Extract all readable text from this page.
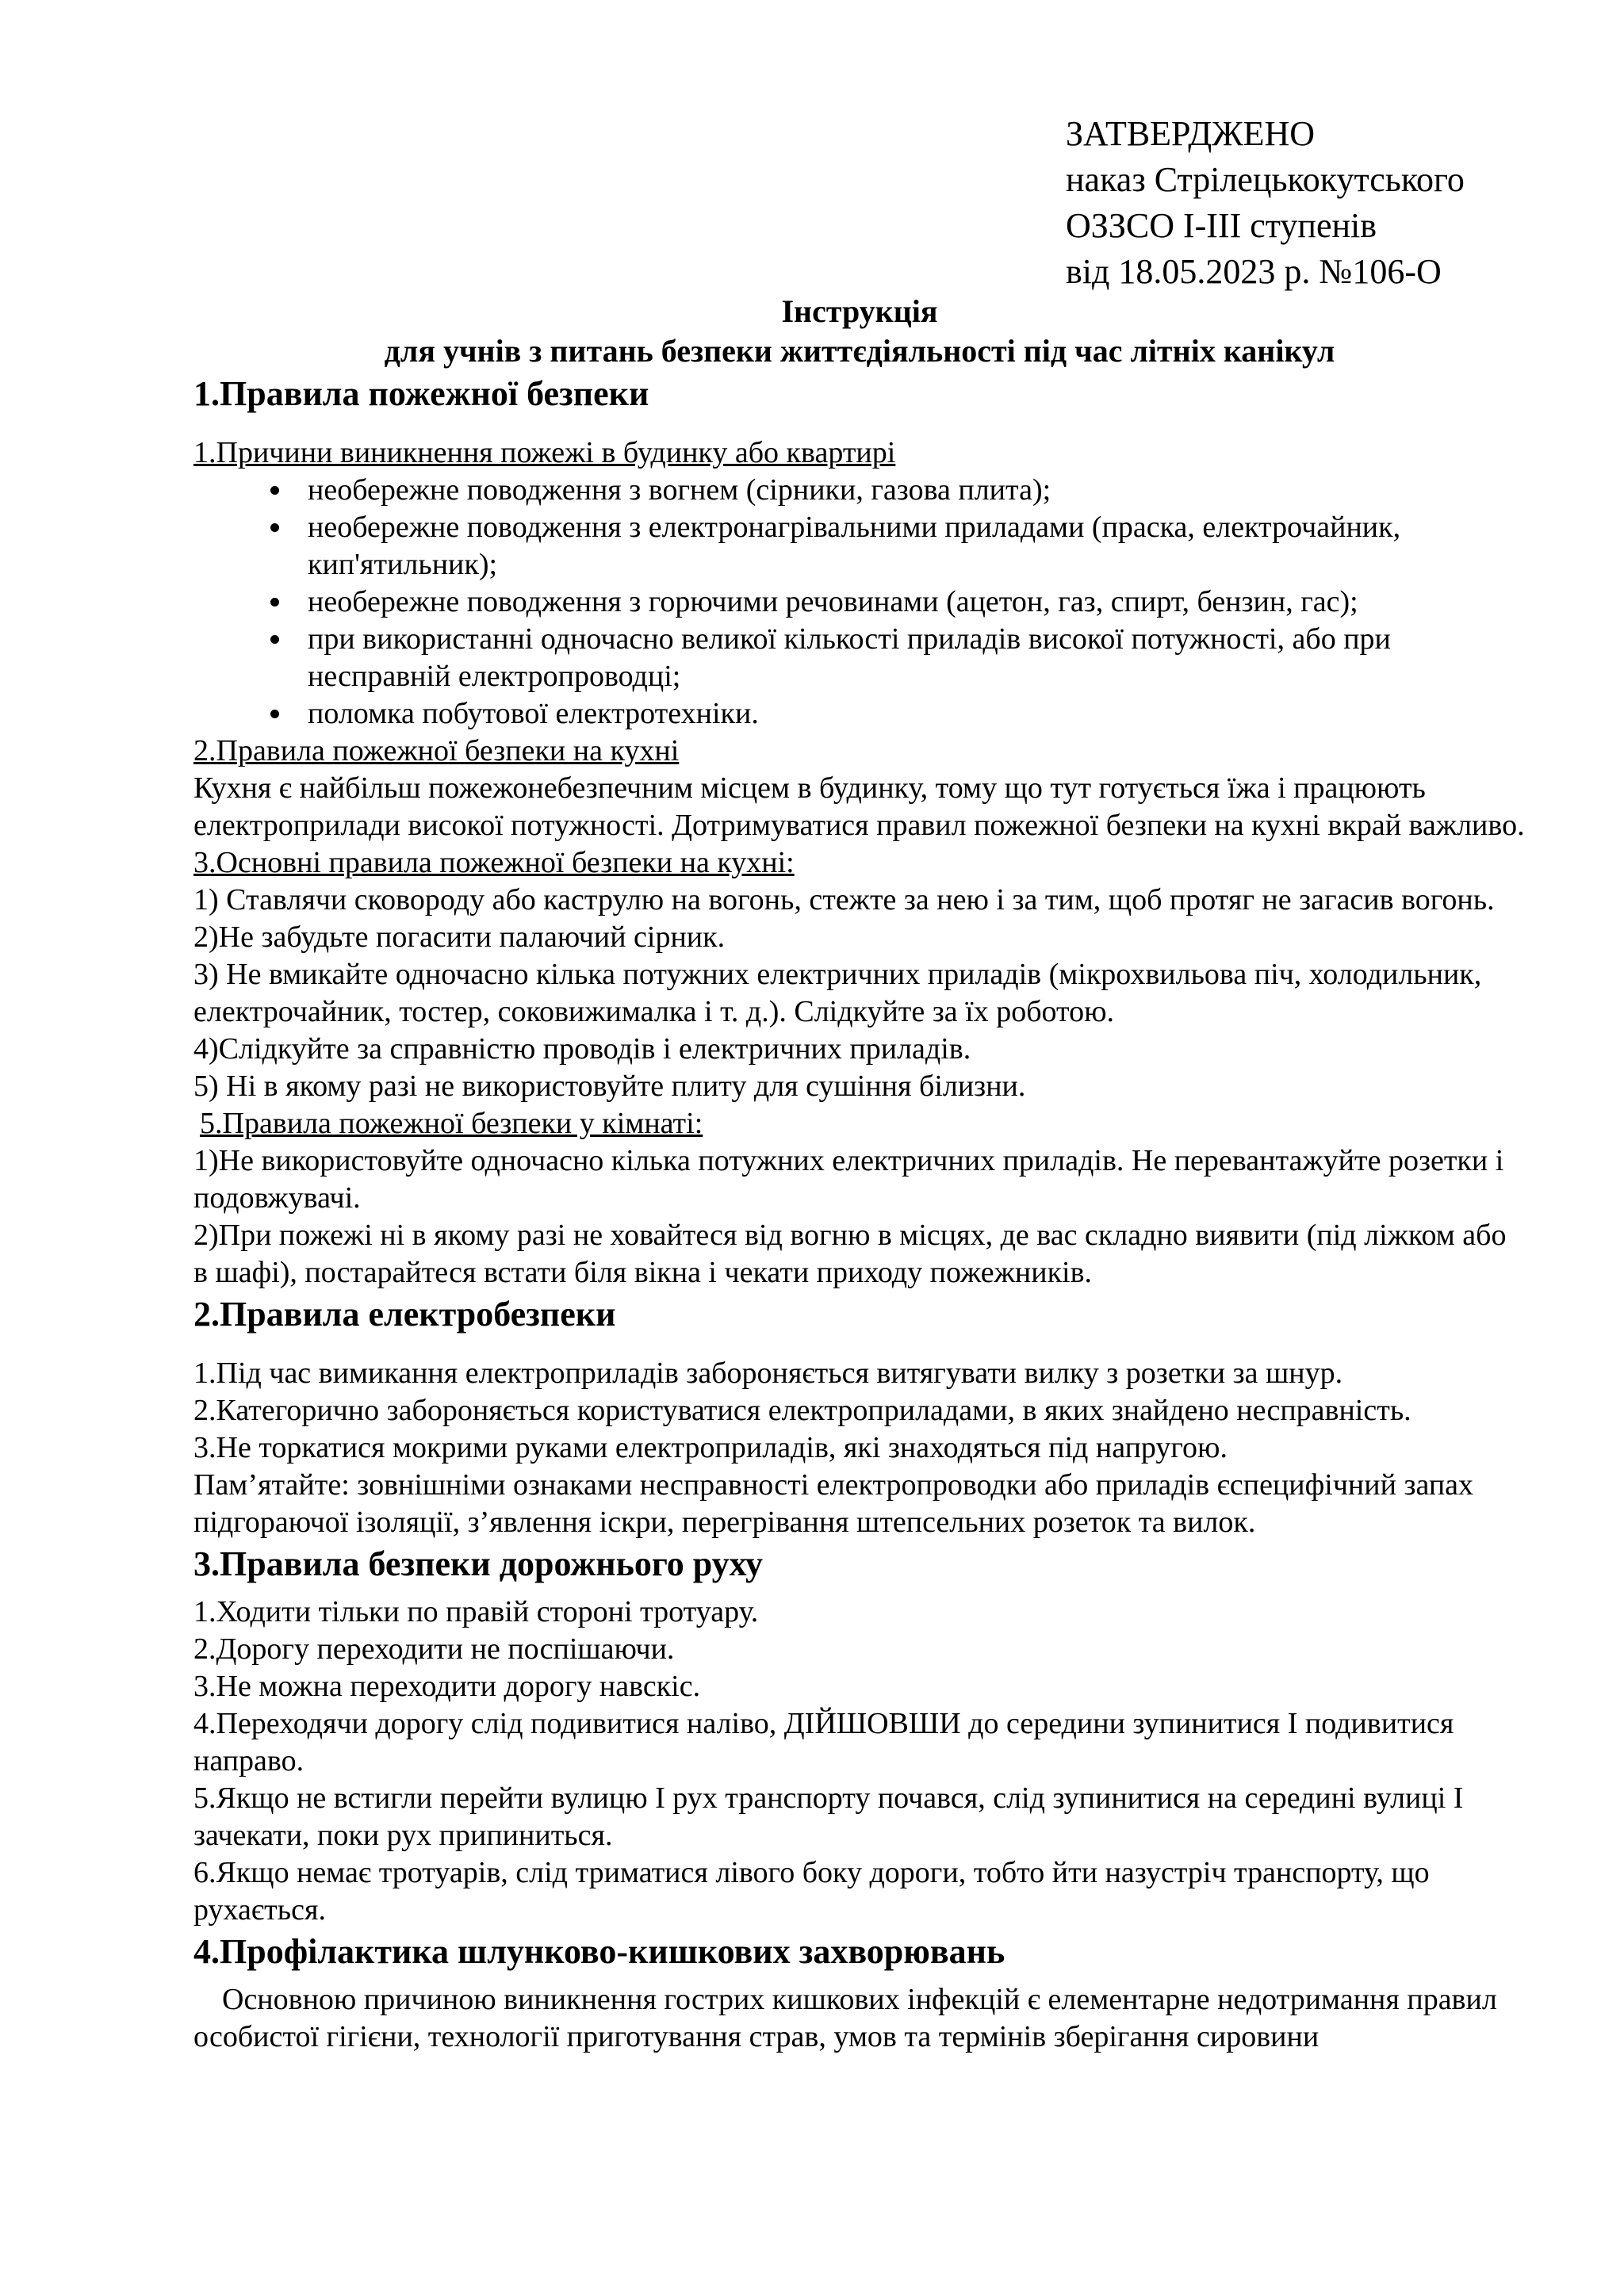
ЗАТВЕРДЖЕНО
наказ Стрілецькокутського
ОЗЗСО І-ІІІ ступенів
від 18.05.2023 р. №106-О
Інструкція
для учнів з питань безпеки життєдіяльності під час літніх канікул
1.Правила пожежної безпеки
1.Причини виникнення пожежі в будинку або квартирі
• необережне поводження з вогнем (сірники, газова плита);
• необережне поводження з електронагрівальними приладами (праска, електрочайник, кип'ятильник);
• необережне поводження з горючими речовинами (ацетон, газ, спирт, бензин, гас);
• при використанні одночасно великої кількості приладів високої потужності, або при несправній електропроводці;
• поломка побутової електротехніки.
2.Правила пожежної безпеки на кухні

Кухня є найбільш пожежонебезпечним місцем в будинку, тому що тут готується їжа і працюють електроприлади високої потужності. Дотримуватися правил пожежної безпеки на кухні вкрай важливо.

3.Основні правила пожежної безпеки на кухні:

1) Ставлячи сковороду або каструлю на вогонь, стежте за нею і за тим, щоб протяг не загасив вогонь.

2)Не забудьте погасити палаючий сірник.

3) Не вмикайте одночасно кілька потужних електричних приладів (мікрохвильова піч, холодильник, електрочайник, тостер, соковижималка і т. д.). Слідкуйте за їх роботою.

4)Слідкуйте за справністю проводів і електричних приладів.

5) Ні в якому разі не використовуйте плиту для сушіння білизни.

5.Правила пожежної безпеки у кімнаті:

1)Не використовуйте одночасно кілька потужних електричних приладів. Не перевантажуйте розетки і подовжувачі.

2)При пожежі ні в якому разі не ховайтеся від вогню в місцях, де вас складно виявити (під ліжком або в шафі), постарайтеся встати біля вікна і чекати приходу пожежників.

2.Правила електробезпеки

1.Під час вимикання електроприладів забороняється витягувати вилку з розетки за шнур.

2.Категорично забороняється користуватися електроприладами, в яких знайдено несправність.

3.Не торкатися мокрими руками електроприладів, які знаходяться під напругою.

Пам’ятайте: зовнішніми ознаками несправності електропроводки або приладів єспецифічний запах підгораючої ізоляції, з’явлення іскри, перегрівання штепсельних розеток та вилок.

3.Правила безпеки дорожнього руху

1.Ходити тільки по правій стороні тротуару.

2.Дорогу переходити не поспішаючи.

3.Не можна переходити дорогу навскіс.

4.Переходячи дорогу слід подивитися наліво, ДІЙШОВШИ до середини зупинитися І подивитися направо.

5.Якщо не встигли перейти вулицю І рух транспорту почався, слід зупинитися на середині вулиці І зачекати, поки рух припиниться.

6.Якщо немає тротуарів, слід триматися лівого боку дороги, тобто йти назустріч транспорту, що рухається.

4.Профілактика шлунково-кишкових захворювань

Основною причиною виникнення гострих кишкових інфекцій є елементарне недотримання правил особистої гігієни, технології приготування страв, умов та термінів зберігання сировини
